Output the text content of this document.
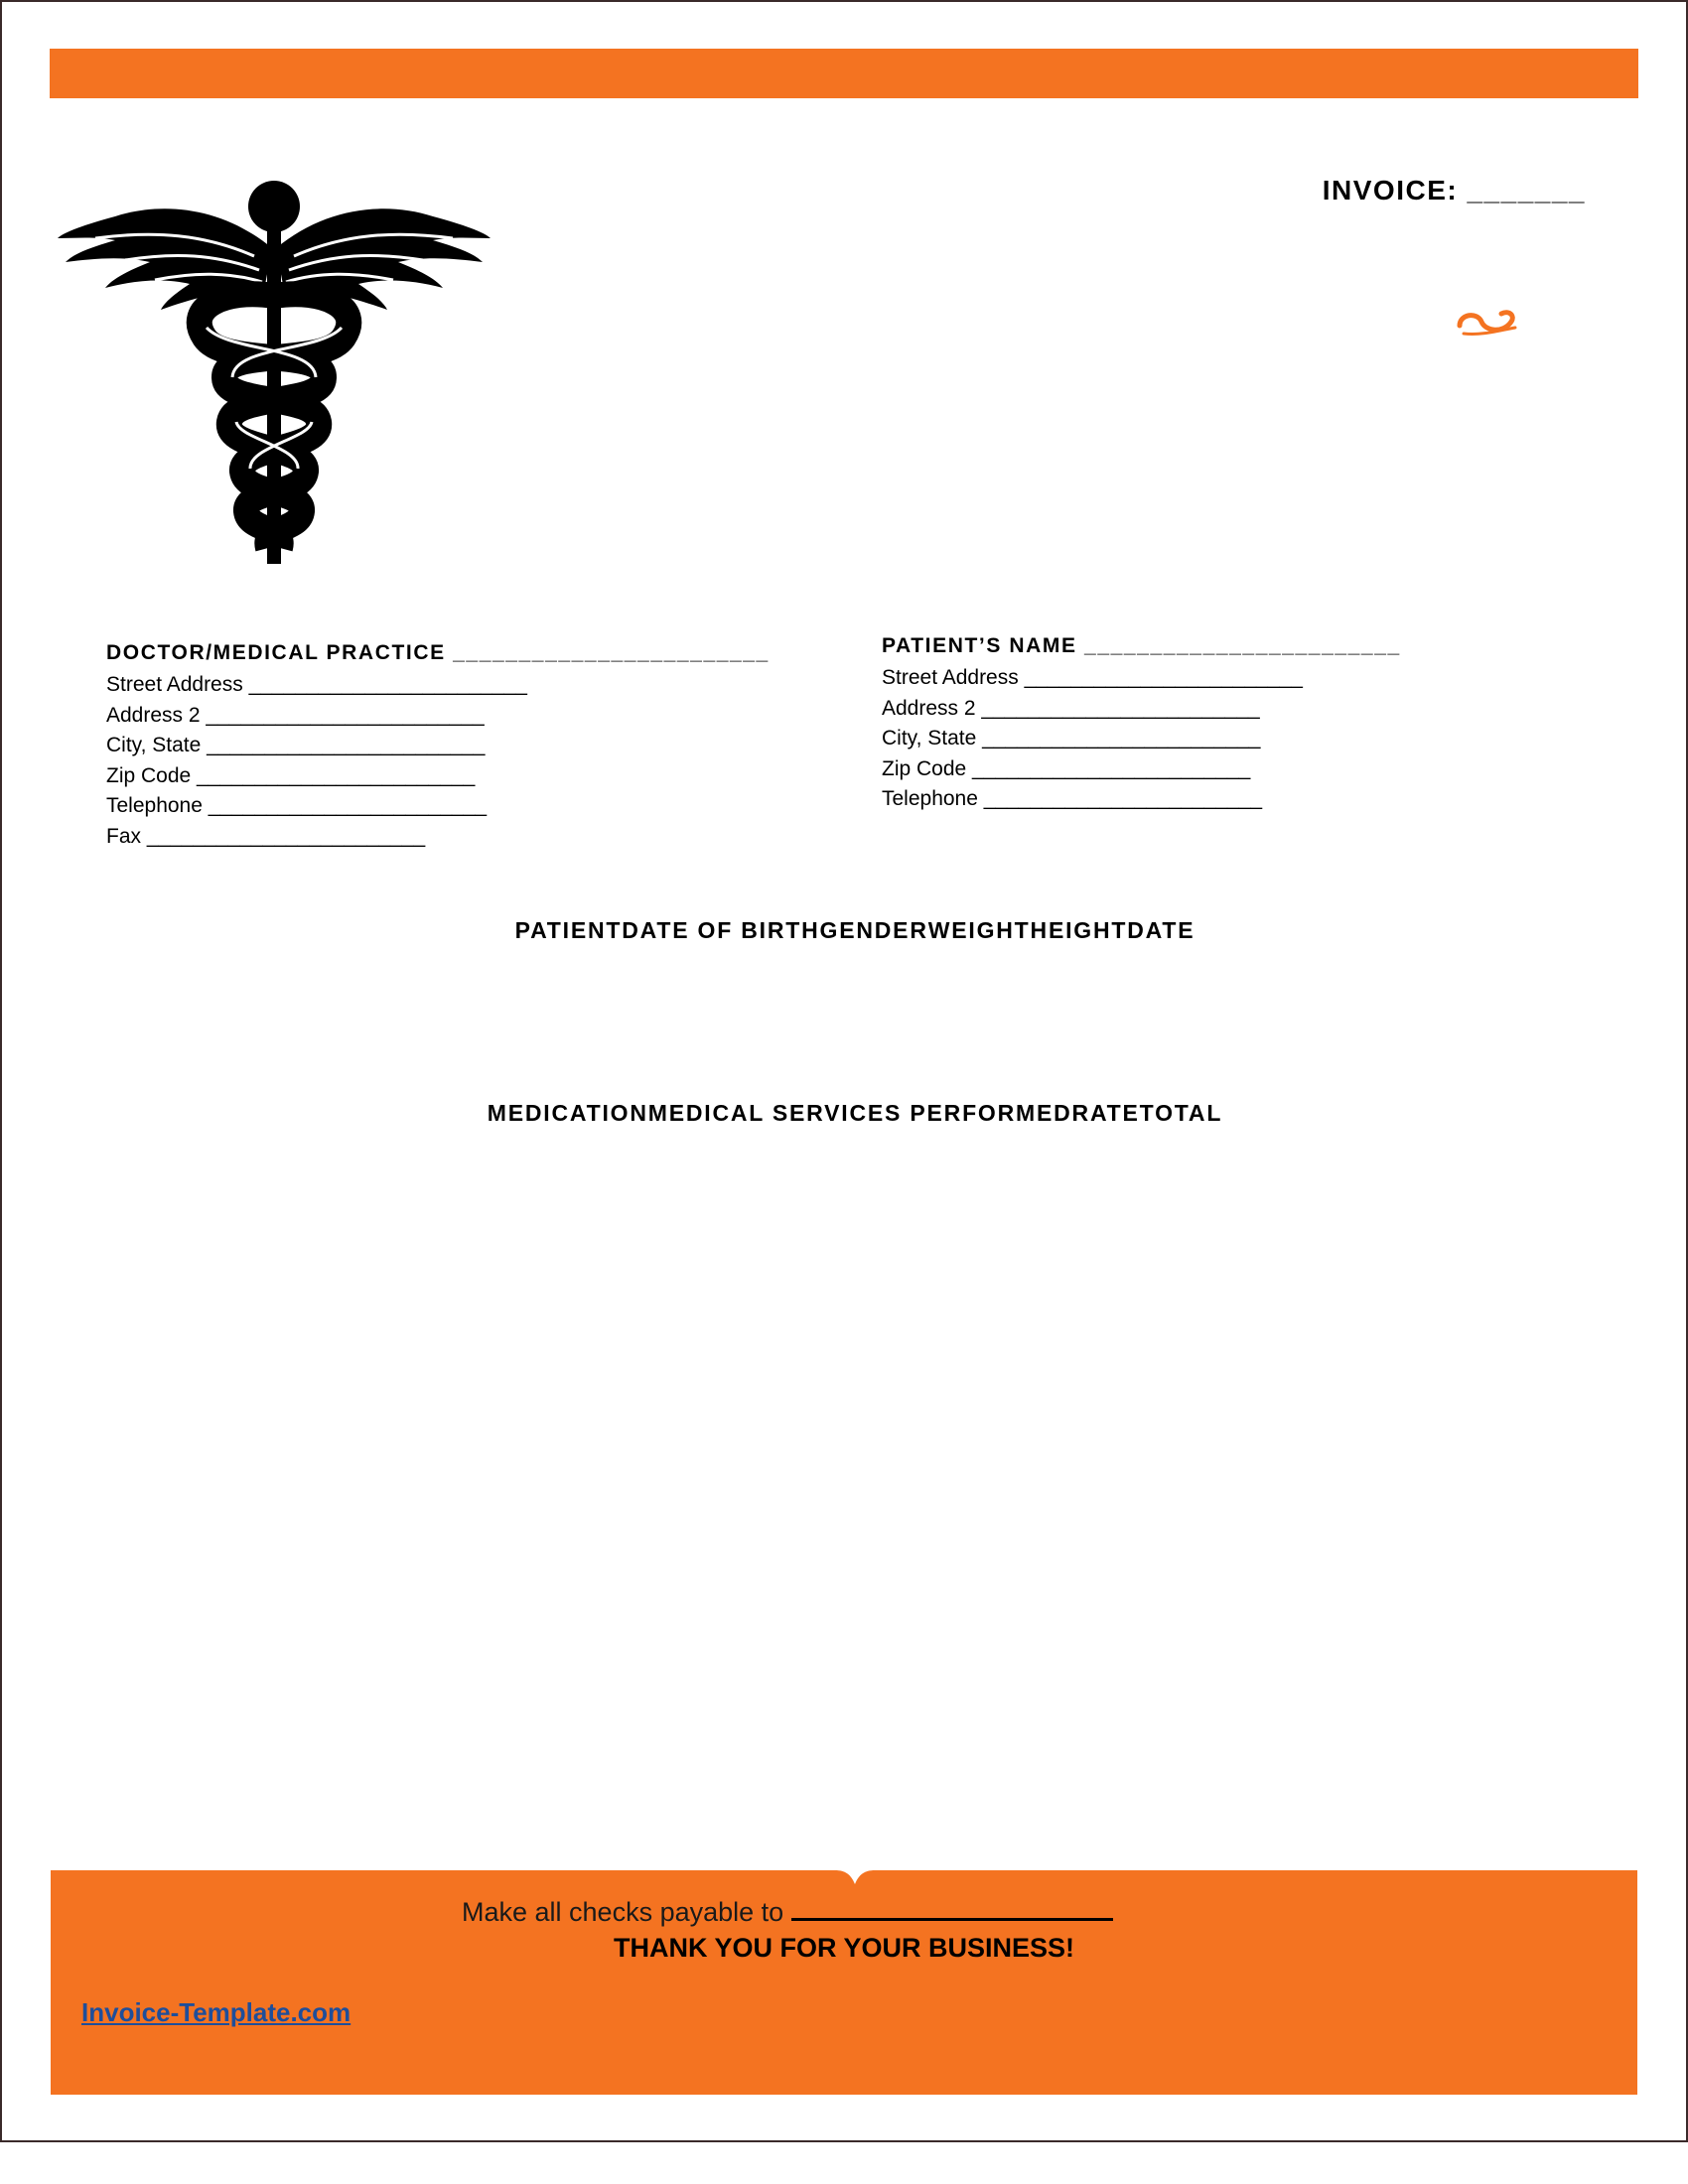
INVOICE: _______
DOCTOR/MEDICAL PRACTICE ________________________
Street Address ________________________
Address 2 ________________________
City, State ________________________
Zip Code ________________________
Telephone ________________________
Fax ________________________
PATIENT’S NAME ________________________
Street Address ________________________
Address 2 ________________________
City, State ________________________
Zip Code ________________________
Telephone ________________________
PATIENTDATE OF BIRTHGENDERWEIGHTHEIGHTDATE
MEDICATIONMEDICAL SERVICES PERFORMEDRATETOTAL
Make all checks payable to
THANK YOU FOR YOUR BUSINESS!
Invoice-Template.com
